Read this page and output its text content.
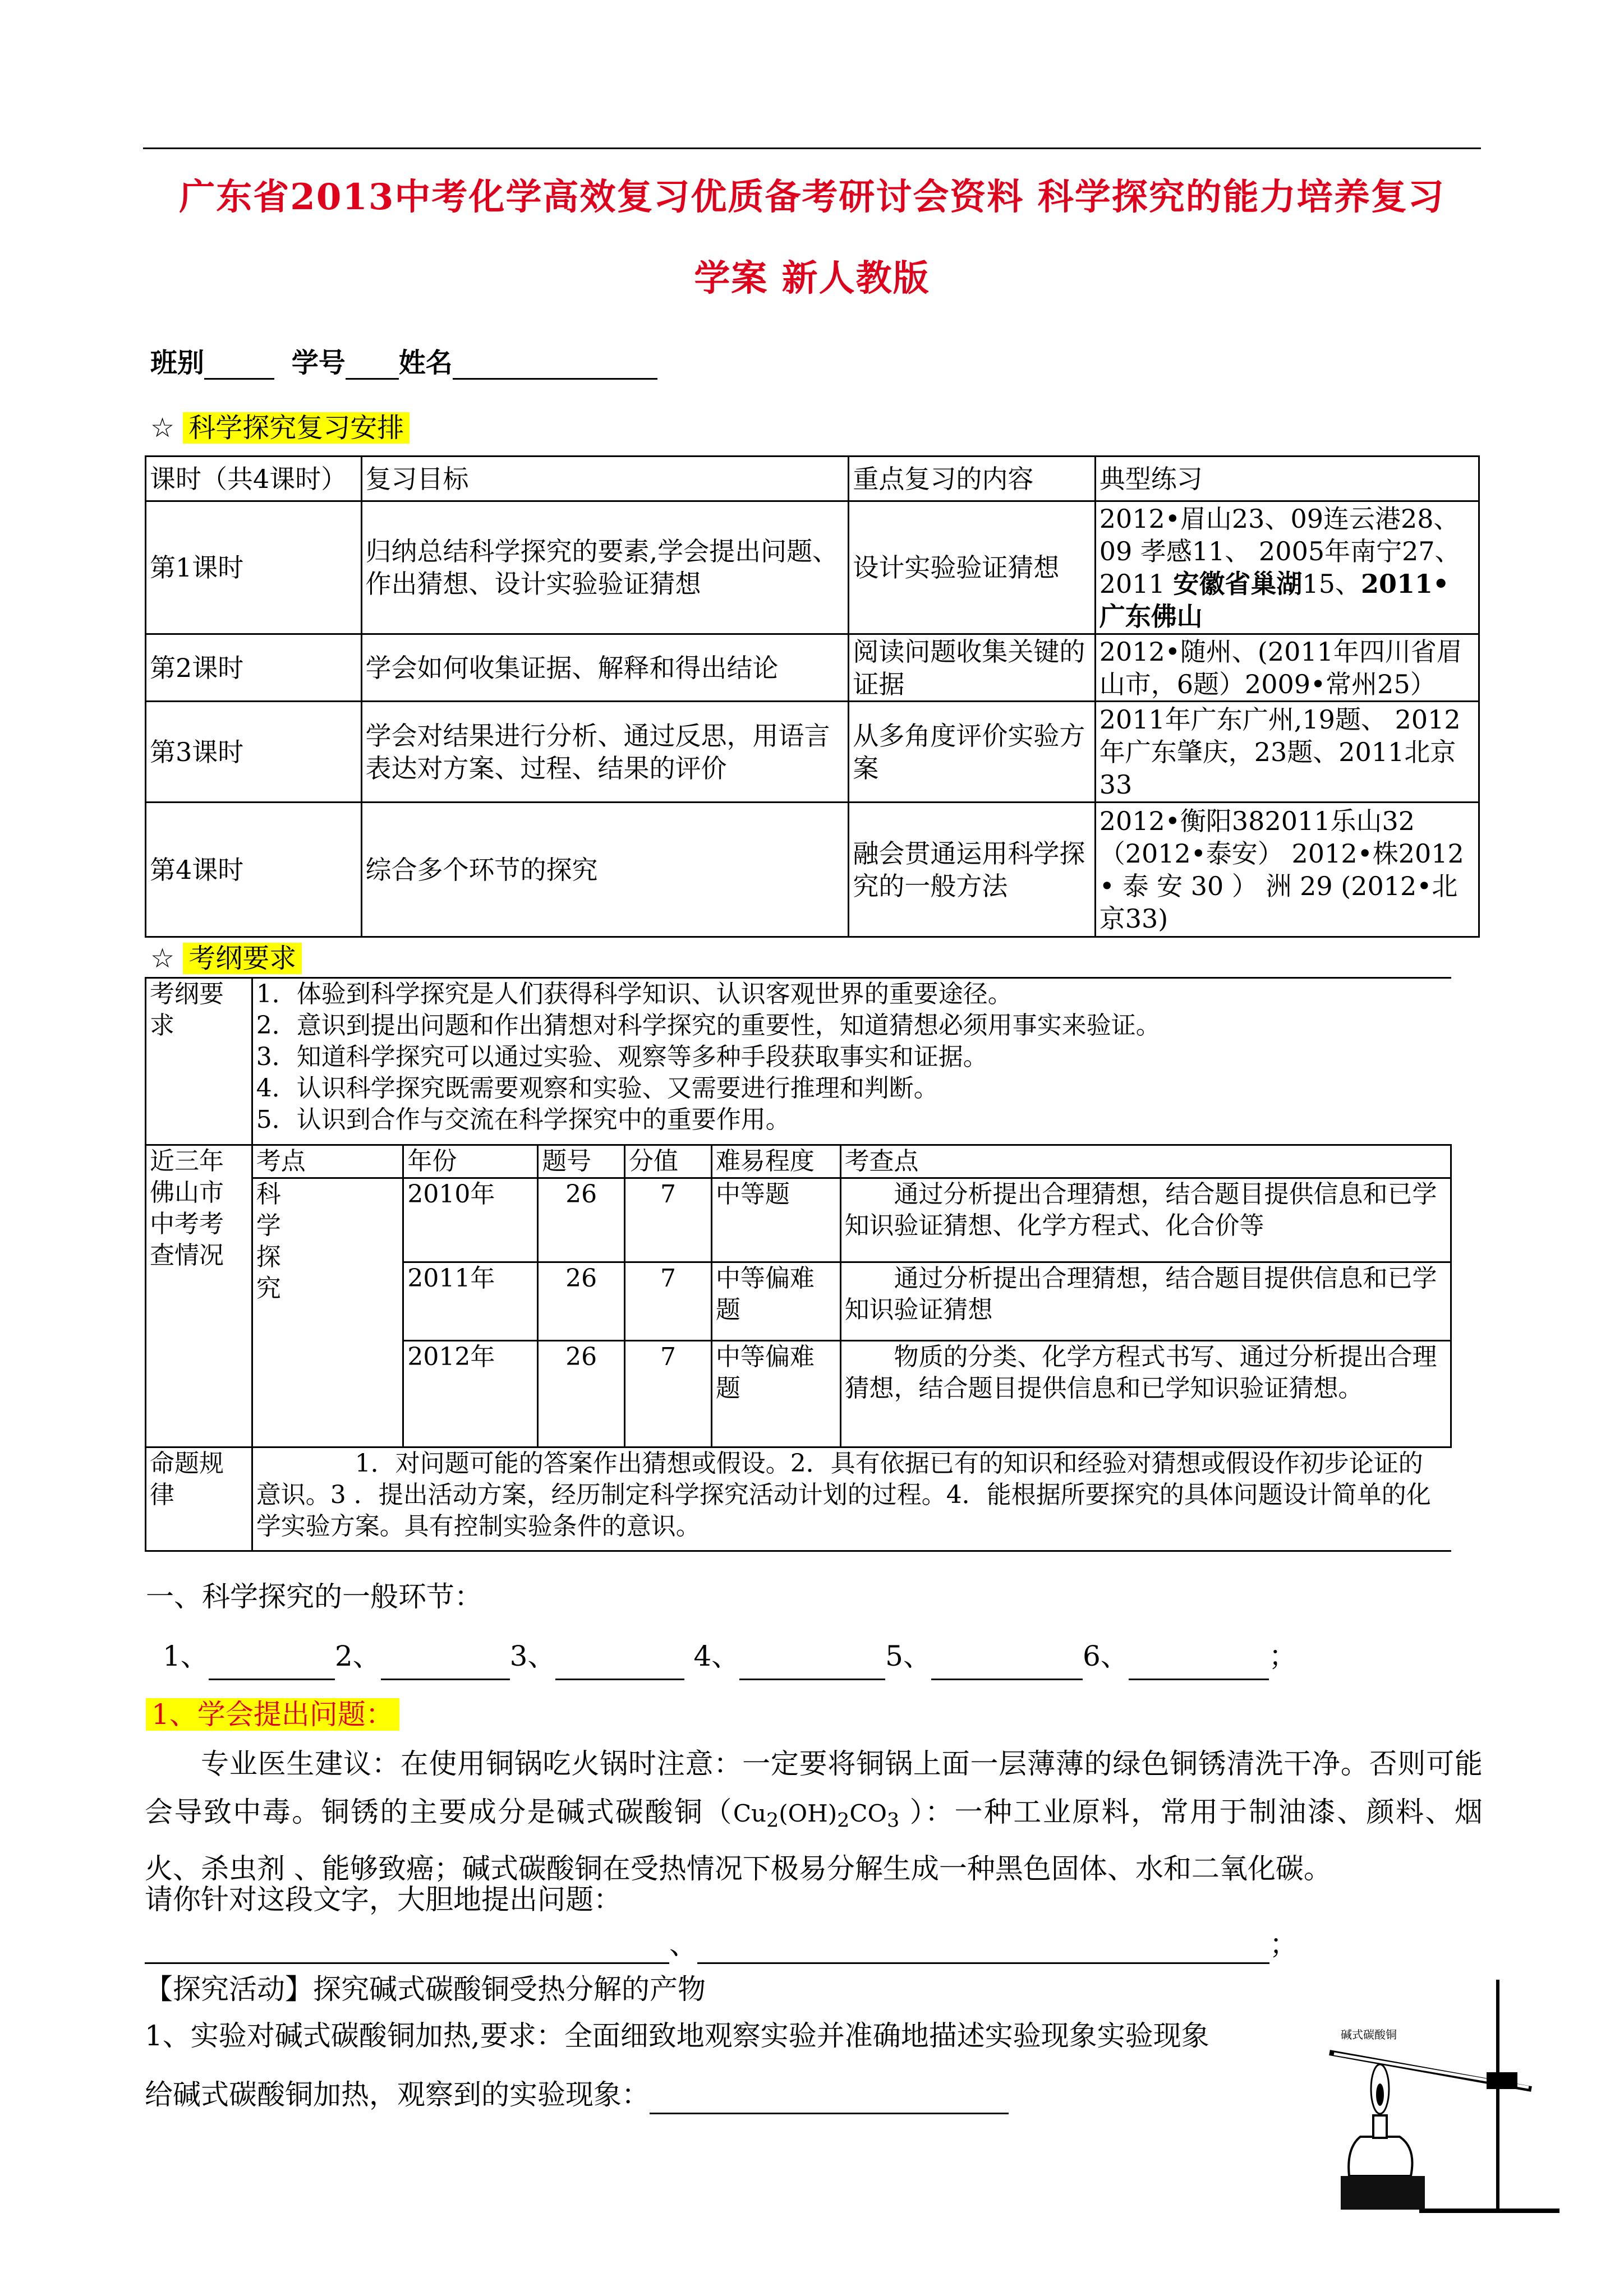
广东省2013中考化学高效复习优质备考研讨会资料 科学探究的能力培养复习
学案 新人教版
班别	学号 姓名
☆ 科学探究复习安排
课时（共4课时）	复习目标	重点复习的内容	典型练习
第1课时	归纳总结科学探究的要素,学会提出问题、作出猜想、设计实验验证猜想	设计实验验证猜想	2012•眉山23、09连云港28、09 孝感11、 2005年南宁27、2011 安徽省巢湖15、2011•广东佛山
第2课时	学会如何收集证据、解释和得出结论	阅读问题收集关键的证据	2012•随州、(2011年四川省眉山市，6题）2009•常州25）
第3课时	学会对结果进行分析、通过反思，用语言表达对方案、过程、结果的评价	从多角度评价实验方案	2011年广东广州,19题、 2012年广东肇庆，23题、2011北京33
第4课时	综合多个环节的探究	融会贯通运用科学探究的一般方法	2012•衡阳382011乐山32（2012•泰安） 2012•株2012 • 泰 安 30 ） 洲 29 (2012•北京33)
☆ 考纲要求
考纲要求	1．体验到科学探究是人们获得科学知识、认识客观世界的重要途径。
2．意识到提出问题和作出猜想对科学探究的重要性，知道猜想必须用事实来验证。
3．知道科学探究可以通过实验、观察等多种手段获取事实和证据。
4．认识科学探究既需要观察和实验、又需要进行推理和判断。
5．认识到合作与交流在科学探究中的重要作用。					

近三年佛山市中考考查情况	考点	年份	题号	分值	难易程度	考查点

	科学探究	2010年	26	7	中等题	通过分析提出合理猜想，结合题目提供信息和已学知识验证猜想、化学方程式、化合价等
		2011年	26	7	中等偏难题	通过分析提出合理猜想，结合题目提供信息和已学知识验证猜想
		2012年	26	7	中等偏难题	物质的分类、化学方程式书写、通过分析提出合理猜想，结合题目提供信息和已学知识验证猜想。
命题规律	1．对问题可能的答案作出猜想或假设。2．具有依据已有的知识和经验对猜想或假设作初步论证的意识。3 ．提出活动方案，经历制定科学探究活动计划的过程。4．能根据所要探究的具体问题设计简单的化学实验方案。具有控制实验条件的意识。					
一、科学探究的一般环节：
1、	2、	3、	4、	5、	6、	；
1、学会提出问题：
专业医生建议：在使用铜锅吃火锅时注意：一定要将铜锅上面一层薄薄的绿色铜锈清洗干净。否则可能会导致中毒。铜锈的主要成分是碱式碳酸铜（$Cu_2(OH)_2CO_3$ ）：一种工业原料，常用于制油漆、颜料、烟火、杀虫剂 、能够致癌；碱式碳酸铜在受热情况下极易分解生成一种黑色固体、水和二氧化碳。
请你针对这段文字，大胆地提出问题：
、	；
【探究活动】探究碱式碳酸铜受热分解的产物
1、实验对碱式碳酸铜加热,要求：全面细致地观察实验并准确地描述实验现象实验现象
给碱式碳酸铜加热，观察到的实验现象：
碱式碳酸铜
